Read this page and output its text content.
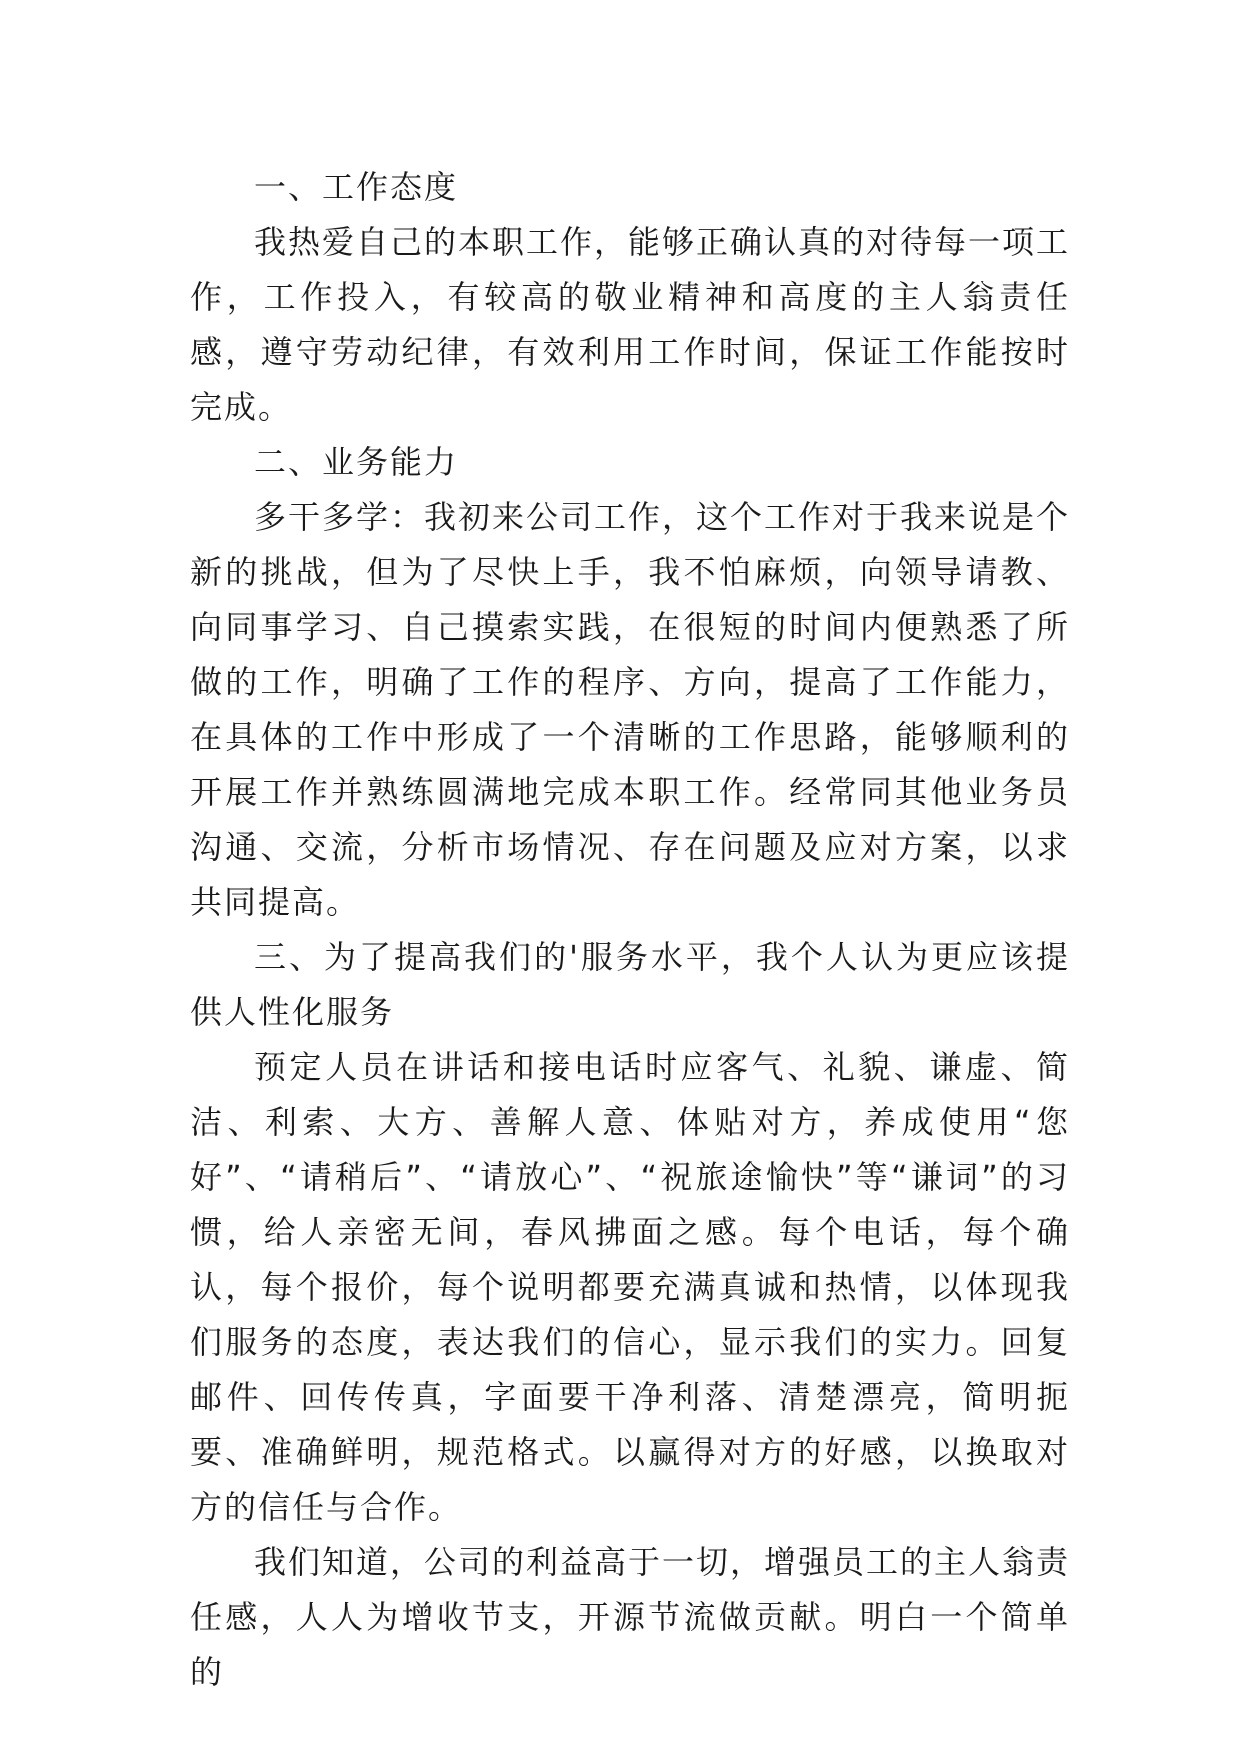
一、工作态度

我热爱自己的本职工作，能够正确认真的对待每一项工作，工作投入，有较高的敬业精神和高度的主人翁责任感，遵守劳动纪律，有效利用工作时间，保证工作能按时完成。

二、业务能力

多干多学：我初来公司工作，这个工作对于我来说是个新的挑战，但为了尽快上手，我不怕麻烦，向领导请教、向同事学习、自己摸索实践，在很短的时间内便熟悉了所做的工作，明确了工作的程序、方向，提高了工作能力，在具体的工作中形成了一个清晰的工作思路，能够顺利的开展工作并熟练圆满地完成本职工作。经常同其他业务员沟通、交流，分析市场情况、存在问题及应对方案，以求共同提高。

三、为了提高我们的'服务水平，我个人认为更应该提供人性化服务

预定人员在讲话和接电话时应客气、礼貌、谦虚、简洁、利索、大方、善解人意、体贴对方，养成使用“您好”、“请稍后”、“请放心”、“祝旅途愉快”等“谦词”的习惯，给人亲密无间，春风拂面之感。每个电话，每个确认，每个报价，每个说明都要充满真诚和热情，以体现我们服务的态度，表达我们的信心，显示我们的实力。回复邮件、回传传真，字面要干净利落、清楚漂亮，简明扼要、准确鲜明，规范格式。以赢得对方的好感，以换取对方的信任与合作。

我们知道，公司的利益高于一切，增强员工的主人翁责任感，人人为增收节支，开源节流做贡献。明白一个简单的
